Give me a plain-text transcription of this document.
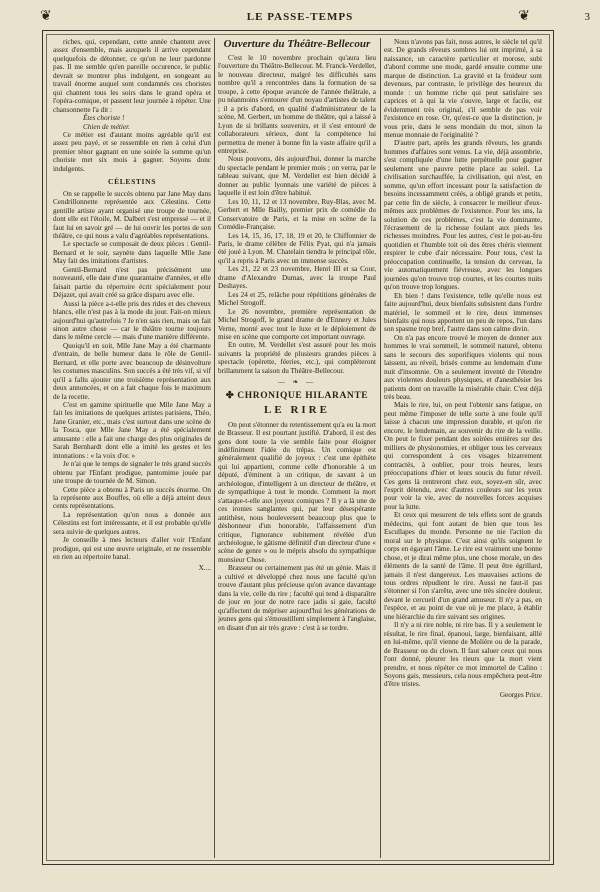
❦	LE PASSE-TEMPS	❦	3

riches, qui, cependant, cette année chantent avec assez d'ensemble, mais auxquels il arrive cependant quelquefois de détonner, ce qu'on ne leur pardonne pas. Il me semble qu'en pareille occurence, le public devrait se montrer plus indulgent, en songeant au travail énorme auquel sont condamnés ces choristes qui chantent tous les soirs dans le grand opéra et l'opéra-comique, et passent leur journée à répéter. Une chansonnette l'a dit :

Êtes choriste !

Chien de métier.

Ce métier est d'autant moins agréable qu'il est assez peu payé, et se ressemble en rien à celui d'un premier ténor gagnant en une soirée la somme qu'un choriste met six mois à gagner. Soyons donc indulgents.

CÉLESTINS

On se rappelle le succès obtenu par Jane May dans Cendrillonnette représentée aux Célestins. Cette gentille artiste ayant organisé une troupe de tournée, dont elle est l'étoile, M. Dalbert s'est empressé — et il faut lui en savoir gré — de lui ouvrir les portes de son théâtre, ce qui nous a valu d'agréables représentations.

Le spectacle se composait de deux pièces : Gentil-Bernard et le soir, saynète dans laquelle Mlle Jane May fait des imitations d'artistes.

Gentil-Bernard n'est pas précisément une nouveauté, elle date d'une quarantaine d'années, et elle faisait partie du répertoire écrit spécialement pour Déjazet, qui avait créé sa grâce disparu avec elle.

Aussi la pièce a-t-elle pris des rides et des cheveux blancs, elle n'est pas à la mode du jour. Fait-on mieux aujourd'hui qu'autrefois ? Je n'en sais rien, mais on fait sinon autre chose — car le théâtre tourne toujours dans le même cercle — mais d'une manière différente.

Quoiqu'il en soit, Mlle Jane May a été charmante d'entrain, de belle humeur dans le rôle de Gentil-Bernard, et elle porte avec beaucoup de désinvolture les costumes masculins. Son succès a été très vif, si vif qu'il a fallu ajouter une troisième représentation aux deux annoncées, et on a fait chaque fois le maximum de la recette.

C'est en gamine spirituelle que Mlle Jane May a fait les imitations de quelques artistes parisiens, Théo, Jane Granier, etc., mais c'est surtout dans une scène de la Tosca, que Mlle Jane May a été spécialement amusante : elle a fait une charge des plus originales de Sarah Bernhardt dont elle a imité les gestes et les intonations : « la voix d'or. »

Je n'ai que le temps de signaler le très grand succès obtenu par l'Enfant prodigue, pantomime jouée par une troupe de tournée de M. Simon.

Cette pièce a obtenu à Paris un succès énorme. On la représente aux Bouffes, où elle a déjà atteint deux cents représentations.

La représentation qu'on nous a donnée aux Célestins est fort intéressante, et il est probable qu'elle sera suivie de quelques autres.

Je conseille à mes lecteurs d'aller voir l'Enfant prodigue, qui est une œuvre originale, et ne ressemble en rien au répertoire banal.

X....

Ouverture du Théâtre-Bellecour

C'est le 10 novembre prochain qu'aura lieu l'ouverture du Théâtre-Bellecour. M. Franck-Verdellet, le nouveau directeur, malgré les difficultés sans nombre qu'il a rencontrées dans la formation de sa troupe, à cette époque avancée de l'année théâtrale, a pu néanmoins s'entourer d'un noyau d'artistes de talent ; il a pris d'abord, en qualité d'administrateur de la scène, M. Gerbert, un homme de théâtre, qui a laissé à Lyon de si brillants souvenirs, et il s'est entouré de collaborateurs sérieux, dont la compétence lui permettra de mener à bonne fin la vaste affaire qu'il a entreprise.

Nous pouvons, dès aujourd'hui, donner la marche du spectacle pendant le premier mois ; on verra, par le tableau suivant, que M. Verdellet est bien décidé à donner au public lyonnais une variété de pièces à laquelle il est loin d'être habitué.

Les 10, 11, 12 et 13 novembre, Ruy-Blas, avec M. Gerbert et Mlle Bailly, premier prix de comédie du Conservatoire de Paris, et la mise en scène de la Comédie-Française.

Les 14, 15, 16, 17, 18, 19 et 20, le Chiffonnier de Paris, le drame célèbre de Félix Pyat, qui n'a jamais été joué à Lyon. M. Chatelain tiendra le principal rôle, qu'il a repris à Paris avec un immense succès.

Les 21, 22 et 23 novembre, Henri III et sa Cour, drame d'Alexandre Dumas, avec la troupe Paul Deshayes.

Les 24 et 25, relâche pour répétitions générales de Michel Strogoff.

Le 26 novembre, première représentation de Michel Strogoff, le grand drame de d'Ennery et Jules Verne, monté avec tout le luxe et le déploiement de mise en scène que comporte cet important ouvrage.

En outre, M. Verdellet s'est assuré pour les mois suivants la propriété de plusieurs grandes pièces à spectacle (opérette, féeries, etc.), qui compléteront brillamment la saison du Théâtre-Bellecour.

— ❧ —

✤ CHRONIQUE HILARANTE

LE RIRE

On peut s'étonner du retentissement qu'a eu la mort de Brasseur. Il est pourtant justifié. D'abord, il est des gens dont toute la vie semble faite pour éloigner indéfiniment l'idée du trépas. Un comique est généralement qualifié de joyeux : c'est une épithète qui lui appartient, comme celle d'honorable à un député, d'éminent à un critique, de savant à un archéologue, d'intelligent à un directeur de théâtre, et de sympathique à tout le monde. Comment la mort s'attaque-t-elle aux joyeux comiques ? Il y a là une de ces ironies sanglantes qui, par leur désespérante antithèse, nous bouleversent beaucoup plus que le déshonneur d'un honorable, l'affaissement d'un critique, l'ignorance subitement révélée d'un archéologue, le gâtisme définitif d'un directeur d'une « scène de genre » ou le mépris absolu du sympathique monsieur Chose.

Brasseur ou certainement pas été un génie. Mais il a cultivé et développé chez nous une faculté qu'on trouve d'autant plus précieuse qu'on avance davantage dans la vie, celle du rire ; faculté qui tend à disparaître de jour en jour de notre race jadis si gaie, faculté qu'affectent de mépriser aujourd'hui les générations de jeunes gens qui s'émoustillent simplement à l'anglaise, en disant d'un air très grave : c'est à se tordre.

Nous n'avons pas fait, nous autres, le siècle tel qu'il est. De grands rêveurs sombres lui ont imprimé, à sa naissance, un caractère particulier et morose, subi d'abord comme une mode, gardé ensuite comme une marque de distinction. La gravité et la froideur sont devenues, par contraste, le privilège des heureux du monde : un homme riche qui peut satisfaire ses caprices et à qui la vie s'ouvre, large et facile, est évidemment très original, s'il semble de pas voir l'existence en rose. Or, qu'est-ce que la distinction, je vous prie, dans le sens mondain du mot, sinon la menue monnaie de l'originalité ?

D'autre part, après les grands rêveurs, les grands hommes d'affaires sont venus. La vie, déjà assombrie, s'est compliquée d'une lutte perpétuelle pour gagner seulement une pauvre petite place au soleil. La civilisation surchauffée, la civilisation, qui n'est, en somme, qu'un effort incessant pour la satisfaction de besoins incessamment créés, a obligé grands et petits, par cette fin de siècle, à consacrer le meilleur d'eux-mêmes aux problèmes de l'existence. Pour les uns, la solution de ces problèmes, c'est la vie dominante, l'écrasement de la richesse foulant aux pieds les richesses moindres. Pour les autres, c'est le pot-au-feu quotidien et l'humble toit où des êtres chéris viennent respirer le cube d'air nécessaire. Pour tous, c'est la préoccupation continuelle, la tension du cerveau, la vie automatiquement fiévreuse, avec les longues journées qu'on trouve trop courtes, et les courtes nuits qu'on trouve trop longues.

Eh bien ! dans l'existence, telle qu'elle nous est faite aujourd'hui, deux bienfaits subsistent dans l'ordre matériel, le sommeil et le rire, deux immenses bienfaits qui nous apportent un peu de repos, l'un dans son spasme trop bref, l'autre dans son calme divin.

On n'a pas encore trouvé le moyen de donner aux hommes le vrai sommeil, le sommeil naturel, obtenu sans le secours des soporifiques violents qui nous laissent, au réveil, brisés comme au lendemain d'une nuit d'insomnie. On a seulement inventé de l'étendre aux violentes douleurs physiques, et d'anesthésier les patients dont on travaille la misérable chair. C'est déjà très beau.

Mais le rire, lui, on peut l'obtenir sans fatigue, on peut même l'imposer de telle sorte à une foule qu'il laisse à chacun une impression durable, et qu'on rie encore, le lendemain, au souvenir du rire de la veille. On peut le fixer pendant des soirées entières sur des milliers de physionomies, et obliger tous les cerveaux qui correspondent à ces visages bizarrement contractés, à oublier, pour trois heures, leurs préoccupations d'hier et leurs soucis du futur réveil. Ces gens là rentreront chez eux, soyez-en sûr, avec l'esprit détendu, avec d'autres couleurs sur les yeux pour voir la vie, avec de nouvelles forces acquises pour la lutte.

Et ceux qui mesurent de tels effets sont de grands médecins, qui font autant de bien que tous les Escullapes du monde. Personne ne nie l'action du moral sur le physique. C'est ainsi qu'ils soignent le corps en égayant l'âme. Le rire est vraiment une bonne chose, et je dirai même plus, une chose morale, un des éléments de la santé de l'âme. Il peut être égrillard, jamais il n'est dangereux. Les mauvaises actions de tous ordres répudient le rire. Aussi ne faut-il pas s'étonner si l'on s'arrête, avec une très sincère douleur, devant le cercueil d'un grand amuseur. Il n'y a pas, en l'espèce, et au point de vue où je me place, à établir une hiérarchie du rire suivant ses origines.

Il n'y a ni rire noble, ni rire bas. Il y a seulement le résultat, le rire final, épanoui, large, bienfaisant, alllé en lui-même, qu'il vienne de Molière ou de la parade, de Brasseur ou du clown. Il faut saluer ceux qui nous l'ont donné, pleurer les rieurs que la mort vient prendre, et nous répéter ce mot immortel de Calino : Soyons gais, messieurs, cela nous empêchera peut-être d'être tristes.

Georges Price.
